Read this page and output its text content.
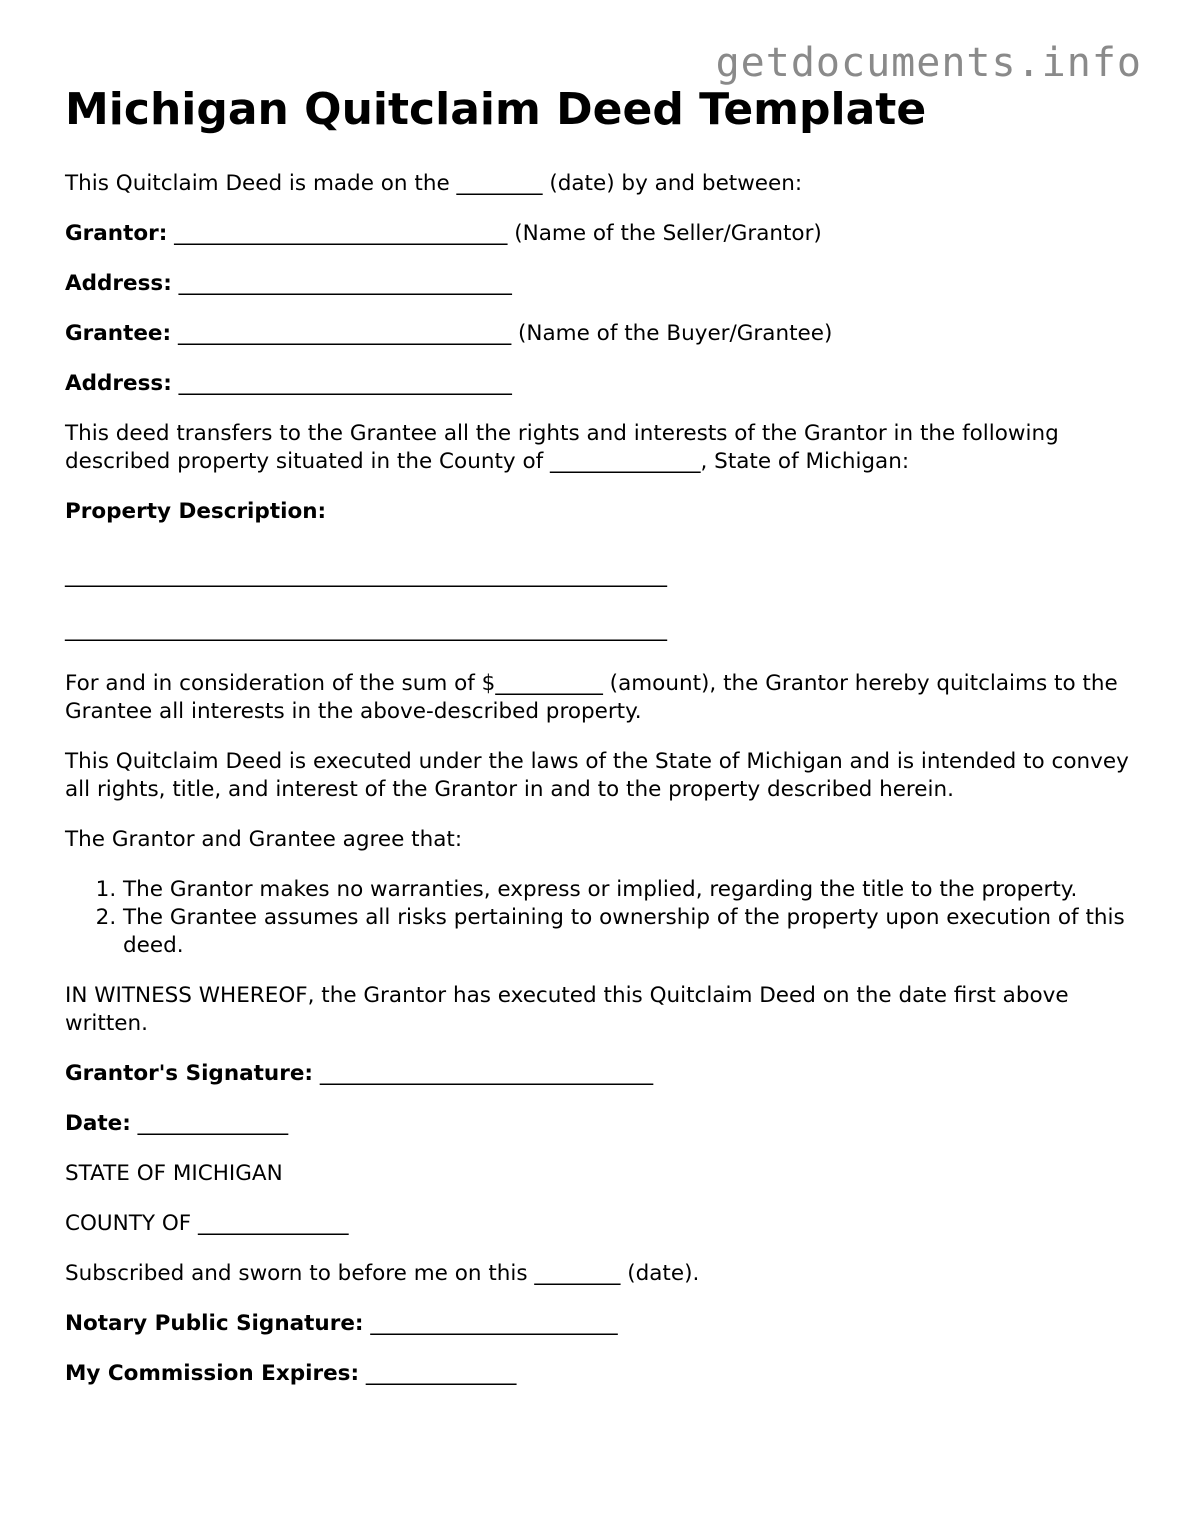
getdocuments.info
Michigan Quitclaim Deed Template

This Quitclaim Deed is made on the ________ (date) by and between:

Grantor: _______________________________ (Name of the Seller/Grantor)

Address: _______________________________

Grantee: _______________________________ (Name of the Buyer/Grantee)

Address: _______________________________

This deed transfers to the Grantee all the rights and interests of the Grantor in the following described property situated in the County of ______________, State of Michigan:

Property Description:

________________________________________________________

________________________________________________________

For and in consideration of the sum of $__________ (amount), the Grantor hereby quitclaims to the Grantee all interests in the above-described property.

This Quitclaim Deed is executed under the laws of the State of Michigan and is intended to convey all rights, title, and interest of the Grantor in and to the property described herein.

The Grantor and Grantee agree that:

1. The Grantor makes no warranties, express or implied, regarding the title to the property.
2. The Grantee assumes all risks pertaining to ownership of the property upon execution of this deed.

IN WITNESS WHEREOF, the Grantor has executed this Quitclaim Deed on the date first above written.

Grantor's Signature: _______________________________

Date: ______________

STATE OF MICHIGAN

COUNTY OF ______________

Subscribed and sworn to before me on this ________ (date).

Notary Public Signature: _______________________

My Commission Expires: ______________
